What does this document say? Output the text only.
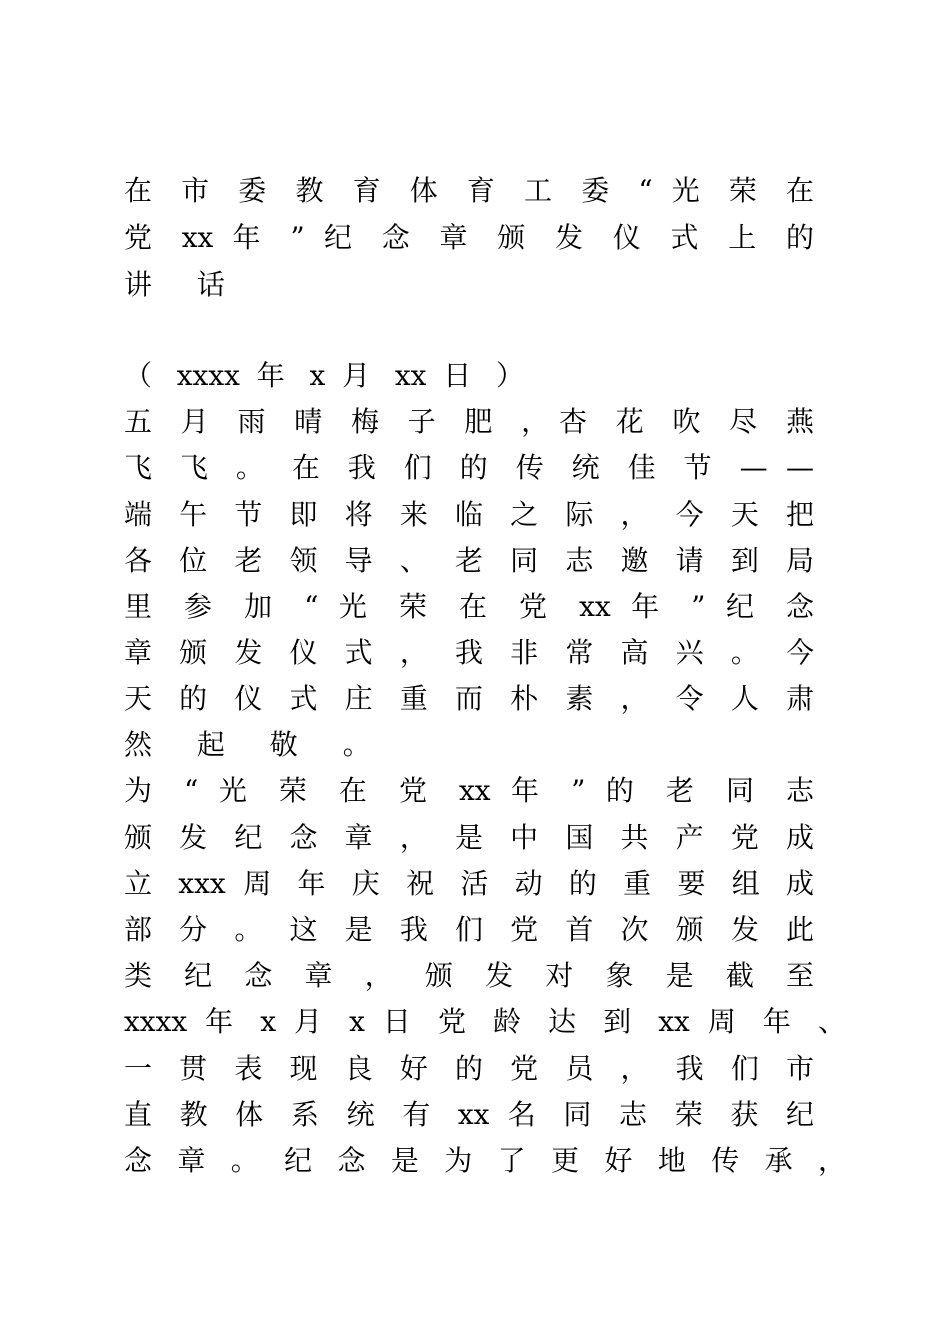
在 市 委 教 育 体 育 工 委 “ 光 荣 在
党 xx 年 ” 纪 念 章 颁 发 仪 式 上 的
讲 话
（ xxxx 年 x 月 xx 日 ）
五 月 雨 晴 梅 子 肥 ，杏 花 吹 尽 燕
飞 飞 。 在 我 们 的 传 统 佳 节 — —
端 午 节 即 将 来 临 之 际 ， 今 天 把
各 位 老 领 导 、 老 同 志 邀 请 到 局
里 参 加 “ 光 荣 在 党 xx 年 ” 纪 念
章 颁 发 仪 式 ， 我 非 常 高 兴 。 今
天 的 仪 式 庄 重 而 朴 素 ， 令 人 肃
然 起 敬 。
为 “ 光 荣 在 党 xx 年 ” 的 老 同 志
颁 发 纪 念 章 ， 是 中 国 共 产 党 成
立 xxx 周 年 庆 祝 活 动 的 重 要 组 成
部 分 。 这 是 我 们 党 首 次 颁 发 此
类 纪 念 章 ， 颁 发 对 象 是 截 至
xxxx 年 x 月 x 日 党 龄 达 到 xx 周 年 、
一 贯 表 现 良 好 的 党 员 ， 我 们 市
直 教 体 系 统 有 xx 名 同 志 荣 获 纪
念 章 。 纪 念 是 为 了 更 好 地 传 承 ，
